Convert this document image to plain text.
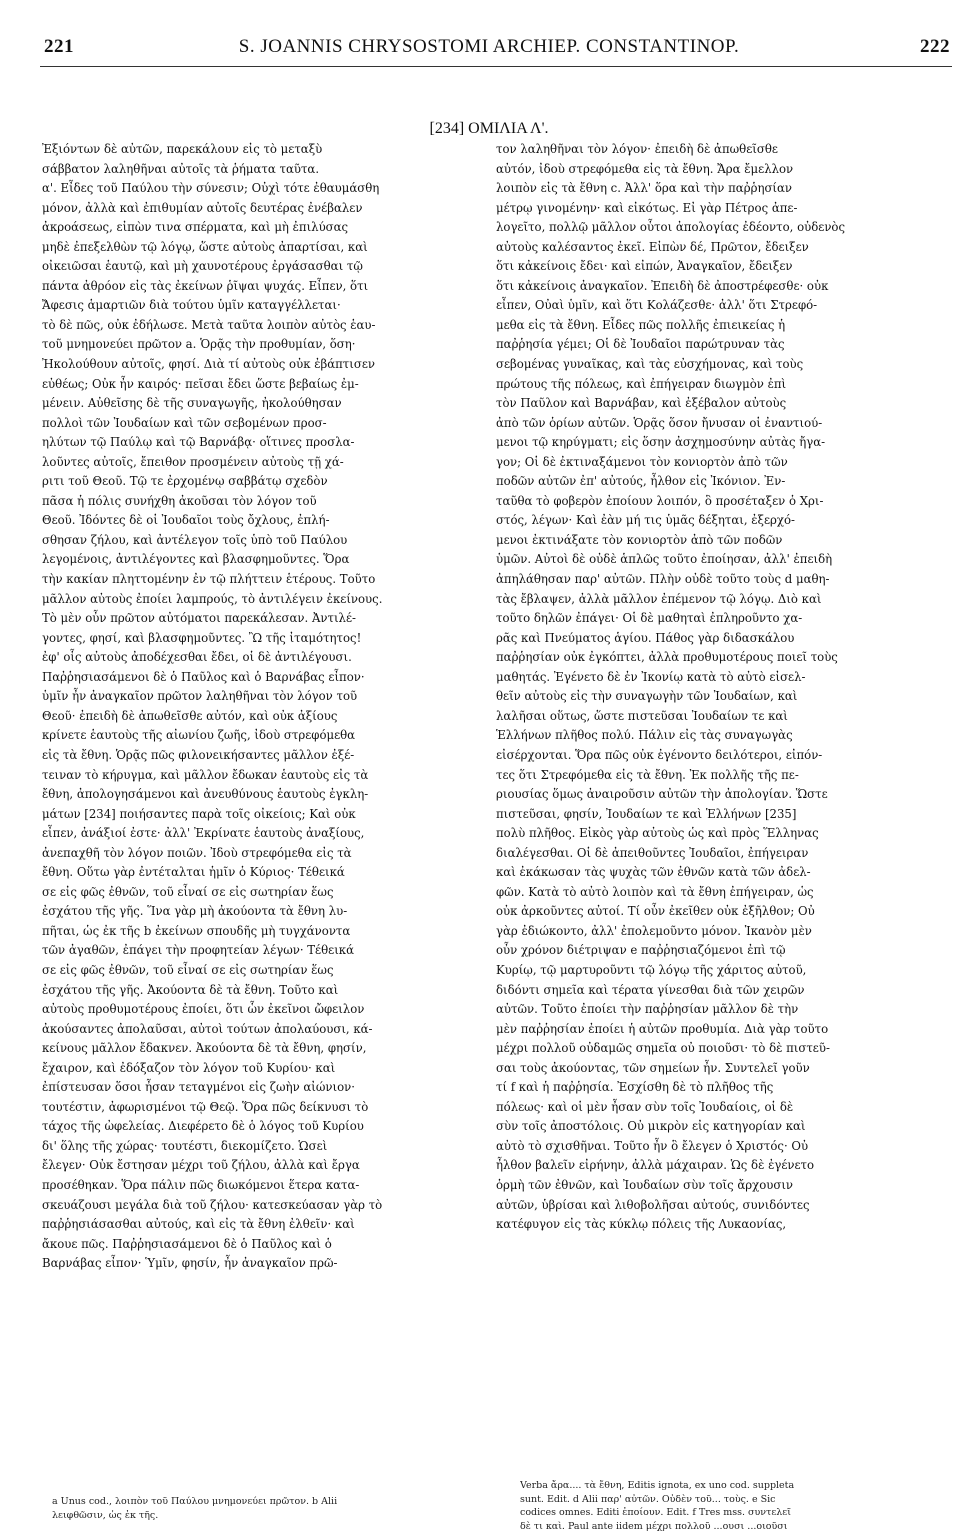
221	S. JOANNIS CHRYSOSTOMI ARCHIEP. CONSTANTINOP.	222
[234] ΟΜΙΛΙΑ Λ'.
Ἐξιόντων δὲ αὐτῶν, παρεκάλουν εἰς τὸ μεταξὺ
σάββατον λαληθῆναι αὐτοῖς τὰ ῥήματα ταῦτα.
α'. Εἶδες τοῦ Παύλου τὴν σύνεσιν; Οὐχὶ τότε ἐθαυμάσθη
μόνον, ἀλλὰ καὶ ἐπιθυμίαν αὐτοῖς δευτέρας ἐνέβαλεν
ἀκροάσεως, εἰπὼν τινα σπέρματα, καὶ μὴ ἐπιλύσας
μηδὲ ἐπεξελθὼν τῷ λόγῳ, ὥστε αὐτοὺς ἀπαρτίσαι, καὶ
οἰκειῶσαι ἑαυτῷ, καὶ μὴ χαυνοτέρους ἐργάσασθαι τῷ
πάντα ἀθρόον εἰς τὰς ἐκείνων ῥῖψαι ψυχάς. Εἶπεν, ὅτι
Ἄφεσις ἁμαρτιῶν διὰ τούτου ὑμῖν καταγγέλλεται·
τὸ δὲ πῶς, οὐκ ἐδήλωσε. Μετὰ ταῦτα λοιπὸν αὐτὸς ἑαυ-
τοῦ μνημονεύει πρῶτον a. Ὁρᾷς τὴν προθυμίαν, ὅση·
Ἠκολούθουν αὐτοῖς, φησί. Διὰ τί αὐτοὺς οὐκ ἐβάπτισεν
εὐθέως; Οὐκ ἦν καιρός· πεῖσαι ἔδει ὥστε βεβαίως ἐμ-
μένειν. Αὐθεῖσης δὲ τῆς συναγωγῆς, ἠκολούθησαν
πολλοὶ τῶν Ἰουδαίων καὶ τῶν σεβομένων προσ-
ηλύτων τῷ Παύλῳ καὶ τῷ Βαρνάβᾳ· οἵτινες προσλα-
λοῦντες αὐτοῖς, ἔπειθον προσμένειν αὐτοὺς τῇ χά-
ριτι τοῦ Θεοῦ. Τῷ τε ἐρχομένῳ σαββάτῳ σχεδὸν
πᾶσα ἡ πόλις συνήχθη ἀκοῦσαι τὸν λόγον τοῦ
Θεοῦ. Ἰδόντες δὲ οἱ Ἰουδαῖοι τοὺς ὄχλους, ἐπλή-
σθησαν ζήλου, καὶ ἀντέλεγον τοῖς ὑπὸ τοῦ Παύλου
λεγομένοις, ἀντιλέγοντες καὶ βλασφημοῦντες. Ὅρα
τὴν κακίαν πληττομένην ἐν τῷ πλήττειν ἑτέρους. Τοῦτο
μᾶλλον αὐτοὺς ἐποίει λαμπρούς, τὸ ἀντιλέγειν ἐκείνους.
Τὸ μὲν οὖν πρῶτον αὐτόματοι παρεκάλεσαν. Ἀντιλέ-
γοντες, φησί, καὶ βλασφημοῦντες. Ὢ τῆς ἰταμότητος!
ἐφ' οἷς αὐτοὺς ἀποδέχεσθαι ἔδει, οἱ δὲ ἀντιλέγουσι.
Παῤῥησιασάμενοι δὲ ὁ Παῦλος καὶ ὁ Βαρνάβας εἶπον·
ὑμῖν ἦν ἀναγκαῖον πρῶτον λαληθῆναι τὸν λόγον τοῦ
Θεοῦ· ἐπειδὴ δὲ ἀπωθεῖσθε αὐτόν, καὶ οὐκ ἀξίους
κρίνετε ἑαυτοὺς τῆς αἰωνίου ζωῆς, ἰδοὺ στρεφόμεθα
εἰς τὰ ἔθνη. Ὁρᾷς πῶς φιλονεικήσαντες μᾶλλον ἐξέ-
τειναν τὸ κήρυγμα, καὶ μᾶλλον ἔδωκαν ἑαυτοὺς εἰς τὰ
ἔθνη, ἀπολογησάμενοι καὶ ἀνευθύνους ἑαυτοὺς ἐγκλη-
μάτων [234] ποιήσαντες παρὰ τοῖς οἰκείοις; Καὶ οὐκ
εἶπεν, ἀνάξιοί ἐστε· ἀλλ' Ἐκρίνατε ἑαυτοὺς ἀναξίους,
ἀνεπαχθῆ τὸν λόγον ποιῶν. Ἰδοὺ στρεφόμεθα εἰς τὰ
ἔθνη. Οὕτω γὰρ ἐντέταλται ἡμῖν ὁ Κύριος· Τέθεικά
σε εἰς φῶς ἐθνῶν, τοῦ εἶναί σε εἰς σωτηρίαν ἕως
ἐσχάτου τῆς γῆς. Ἵνα γὰρ μὴ ἀκούοντα τὰ ἔθνη λυ-
πῆται, ὡς ἐκ τῆς b ἐκείνων σπουδῆς μὴ τυγχάνοντα
τῶν ἀγαθῶν, ἐπάγει τὴν προφητείαν λέγων· Τέθεικά
σε εἰς φῶς ἐθνῶν, τοῦ εἶναί σε εἰς σωτηρίαν ἕως
ἐσχάτου τῆς γῆς. Ἀκούοντα δὲ τὰ ἔθνη. Τοῦτο καὶ
αὐτοὺς προθυμοτέρους ἐποίει, ὅτι ὧν ἐκεῖνοι ὤφειλον
ἀκούσαντες ἀπολαῦσαι, αὐτοὶ τούτων ἀπολαύουσι, κά-
κείνους μᾶλλον ἔδακνεν. Ἀκούοντα δὲ τὰ ἔθνη, φησίν,
ἔχαιρον, καὶ ἐδόξαζον τὸν λόγον τοῦ Κυρίου· καὶ
ἐπίστευσαν ὅσοι ἦσαν τεταγμένοι εἰς ζωὴν αἰώνιον·
τουτέστιν, ἀφωρισμένοι τῷ Θεῷ. Ὅρα πῶς δείκνυσι τὸ
τάχος τῆς ὠφελείας. Διεφέρετο δὲ ὁ λόγος τοῦ Κυρίου
δι' ὅλης τῆς χώρας· τουτέστι, διεκομίζετο. Ὡσεὶ
ἔλεγεν· Οὐκ ἔστησαν μέχρι τοῦ ζήλου, ἀλλὰ καὶ ἔργα
προσέθηκαν. Ὅρα πάλιν πῶς διωκόμενοι ἕτερα κατα-
σκευάζουσι μεγάλα διὰ τοῦ ζήλου· κατεσκεύασαν γὰρ τὸ
παῤῥησιάσασθαι αὐτούς, καὶ εἰς τὰ ἔθνη ἐλθεῖν· καὶ
ἄκουε πῶς. Παῤῥησιασάμενοι δὲ ὁ Παῦλος καὶ ὁ
Βαρνάβας εἶπον· Ὑμῖν, φησίν, ἦν ἀναγκαῖον πρῶ-
τον λαληθῆναι τὸν λόγον· ἐπειδὴ δὲ ἀπωθεῖσθε
αὐτόν, ἰδοὺ στρεφόμεθα εἰς τὰ ἔθνη. Ἄρα ἔμελλον
λοιπὸν εἰς τὰ ἔθνη c. Ἀλλ' ὅρα καὶ τὴν παῤῥησίαν
μέτρῳ γινομένην· καὶ εἰκότως. Εἰ γὰρ Πέτρος ἀπε-
λογεῖτο, πολλῷ μᾶλλον οὗτοι ἀπολογίας ἐδέοντο, οὐδενὸς
αὐτοὺς καλέσαντος ἐκεῖ. Εἰπὼν δέ, Πρῶτον, ἔδειξεν
ὅτι κἀκείνοις ἔδει· καὶ εἰπών, Ἀναγκαῖον, ἔδειξεν
ὅτι κἀκείνοις ἀναγκαῖον. Ἐπειδὴ δὲ ἀποστρέφεσθε· οὐκ
εἶπεν, Οὐαὶ ὑμῖν, καὶ ὅτι Κολάζεσθε· ἀλλ' ὅτι Στρεφό-
μεθα εἰς τὰ ἔθνη. Εἶδες πῶς πολλῆς ἐπιεικείας ἡ
παῤῥησία γέμει; Οἱ δὲ Ἰουδαῖοι παρώτρυναν τὰς
σεβομένας γυναῖκας, καὶ τὰς εὐσχήμονας, καὶ τοὺς
πρώτους τῆς πόλεως, καὶ ἐπήγειραν διωγμὸν ἐπὶ
τὸν Παῦλον καὶ Βαρνάβαν, καὶ ἐξέβαλον αὐτοὺς
ἀπὸ τῶν ὁρίων αὐτῶν. Ὁρᾷς ὅσον ἤνυσαν οἱ ἐναντιού-
μενοι τῷ κηρύγματι; εἰς ὅσην ἀσχημοσύνην αὐτὰς ἤγα-
γον; Οἱ δὲ ἐκτιναξάμενοι τὸν κονιορτὸν ἀπὸ τῶν
ποδῶν αὐτῶν ἐπ' αὐτούς, ἦλθον εἰς Ἰκόνιον. Ἐν-
ταῦθα τὸ φοβερὸν ἐποίουν λοιπόν, ὃ προσέταξεν ὁ Χρι-
στός, λέγων· Καὶ ἐὰν μή τις ὑμᾶς δέξηται, ἐξερχό-
μενοι ἐκτινάξατε τὸν κονιορτὸν ἀπὸ τῶν ποδῶν
ὑμῶν. Αὐτοὶ δὲ οὐδὲ ἁπλῶς τοῦτο ἐποίησαν, ἀλλ' ἐπειδὴ
ἀπηλάθησαν παρ' αὐτῶν. Πλὴν οὐδὲ τοῦτο τοὺς d μαθη-
τὰς ἔβλαψεν, ἀλλὰ μᾶλλον ἐπέμενον τῷ λόγῳ. Διὸ καὶ
τοῦτο δηλῶν ἐπάγει· Οἱ δὲ μαθηταὶ ἐπληροῦντο χα-
ρᾶς καὶ Πνεύματος ἁγίου. Πάθος γὰρ διδασκάλου
παῤῥησίαν οὐκ ἐγκόπτει, ἀλλὰ προθυμοτέρους ποιεῖ τοὺς
μαθητάς. Ἐγένετο δὲ ἐν Ἰκονίῳ κατὰ τὸ αὐτὸ εἰσελ-
θεῖν αὐτοὺς εἰς τὴν συναγωγὴν τῶν Ἰουδαίων, καὶ
λαλῆσαι οὕτως, ὥστε πιστεῦσαι Ἰουδαίων τε καὶ
Ἑλλήνων πλῆθος πολύ. Πάλιν εἰς τὰς συναγωγὰς
εἰσέρχονται. Ὅρα πῶς οὐκ ἐγένοντο δειλότεροι, εἰπόν-
τες ὅτι Στρεφόμεθα εἰς τὰ ἔθνη. Ἐκ πολλῆς τῆς πε-
ριουσίας ὅμως ἀναιροῦσιν αὐτῶν τὴν ἀπολογίαν. Ὥστε
πιστεῦσαι, φησίν, Ἰουδαίων τε καὶ Ἑλλήνων [235]
πολὺ πλῆθος. Εἰκὸς γὰρ αὐτοὺς ὡς καὶ πρὸς Ἕλληνας
διαλέγεσθαι. Οἱ δὲ ἀπειθοῦντες Ἰουδαῖοι, ἐπήγειραν
καὶ ἐκάκωσαν τὰς ψυχὰς τῶν ἐθνῶν κατὰ τῶν ἀδελ-
φῶν. Κατὰ τὸ αὐτὸ λοιπὸν καὶ τὰ ἔθνη ἐπήγειραν, ὡς
οὐκ ἀρκοῦντες αὐτοί. Τί οὖν ἐκεῖθεν οὐκ ἐξῆλθον; Οὐ
γὰρ ἐδιώκοντο, ἀλλ' ἐπολεμοῦντο μόνον. Ἱκανὸν μὲν
οὖν χρόνον διέτριψαν e παῤῥησιαζόμενοι ἐπὶ τῷ
Κυρίῳ, τῷ μαρτυροῦντι τῷ λόγῳ τῆς χάριτος αὐτοῦ,
διδόντι σημεῖα καὶ τέρατα γίνεσθαι διὰ τῶν χειρῶν
αὐτῶν. Τοῦτο ἐποίει τὴν παῤῥησίαν μᾶλλον δὲ τὴν
μὲν παῤῥησίαν ἐποίει ἡ αὐτῶν προθυμία. Διὰ γὰρ τοῦτο
μέχρι πολλοῦ οὐδαμῶς σημεῖα οὐ ποιοῦσι· τὸ δὲ πιστεῦ-
σαι τοὺς ἀκούοντας, τῶν σημείων ἦν. Συντελεῖ γοῦν
τί f καὶ ἡ παῤῥησία. Ἐσχίσθη δὲ τὸ πλῆθος τῆς
πόλεως· καὶ οἱ μὲν ἦσαν σὺν τοῖς Ἰουδαίοις, οἱ δὲ
σὺν τοῖς ἀποστόλοις. Οὐ μικρὸν εἰς κατηγορίαν καὶ
αὐτὸ τὸ σχισθῆναι. Τοῦτο ἦν ὃ ἔλεγεν ὁ Χριστός· Οὐ
ἦλθον βαλεῖν εἰρήνην, ἀλλὰ μάχαιραν. Ὡς δὲ ἐγένετο
ὁρμὴ τῶν ἐθνῶν, καὶ Ἰουδαίων σὺν τοῖς ἄρχουσιν
αὐτῶν, ὑβρίσαι καὶ λιθοβολῆσαι αὐτούς, συνιδόντες
κατέφυγον εἰς τὰς κύκλῳ πόλεις τῆς Λυκαονίας,
a Unus cod., λοιπὸν τοῦ Παύλου μνημονεύει πρῶτον. b Alii
λειφθῶσιν, ὡς ἐκ τῆς.
Verba ἄρα.... τὰ ἔθνη, Editis ignota, ex uno cod. suppleta
sunt. Edit. d Alii παρ' αὐτῶν. Οὐδὲν τοῦ... τοὺς. e Sic
codices omnes. Editi ἐποίουν. Edit. f Tres mss. συντελεῖ
δὲ τι καὶ. Paul ante iidem μέχρι πολλοῦ ...ουσι ...οιοῦσι
